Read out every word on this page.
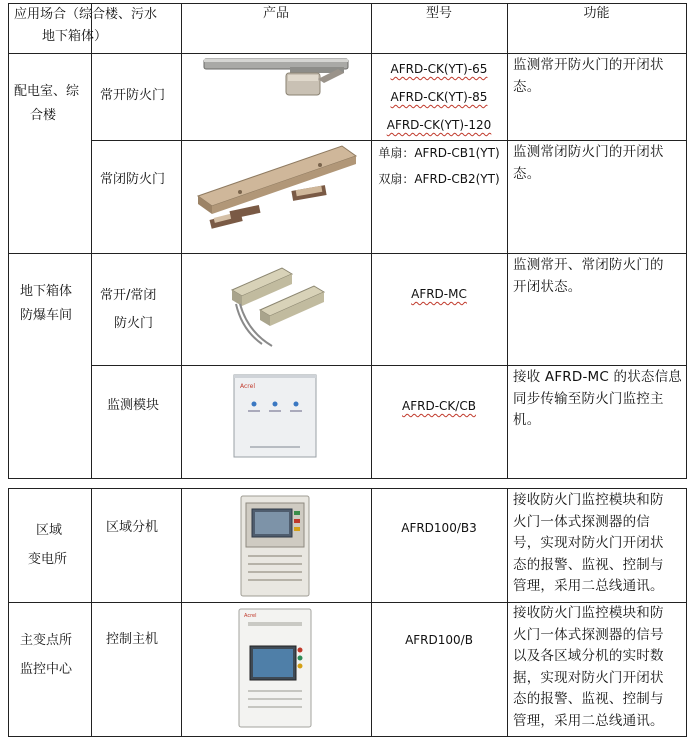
应用场合（综合楼、污水
地下箱体）
产品	型号	功能
配电室、综
合楼
地下箱体
防爆车间
区域
变电所
主变点所
监控中心
常开防火门
常闭防火门
常开/常闭
防火门
监测模块
区域分机
控制主机
Acrel
Acrel
AFRD-CK(YT)-65
AFRD-CK(YT)-85
AFRD-CK(YT)-120
单扇：AFRD-CB1(YT)
双扇：AFRD-CB2(YT)
AFRD-MC
AFRD-CK/CB
AFRD100/B3
AFRD100/B
监测常开防火门的开闭状
态。
监测常闭防火门的开闭状
态。
监测常开、常闭防火门的
开闭状态。
接收 AFRD-MC 的状态信息
同步传输至防火门监控主
机。
接收防火门监控模块和防
火门一体式探测器的信
号，实现对防火门开闭状
态的报警、监视、控制与
管理，采用二总线通讯。
接收防火门监控模块和防
火门一体式探测器的信号
以及各区域分机的实时数
据，实现对防火门开闭状
态的报警、监视、控制与
管理，采用二总线通讯。
